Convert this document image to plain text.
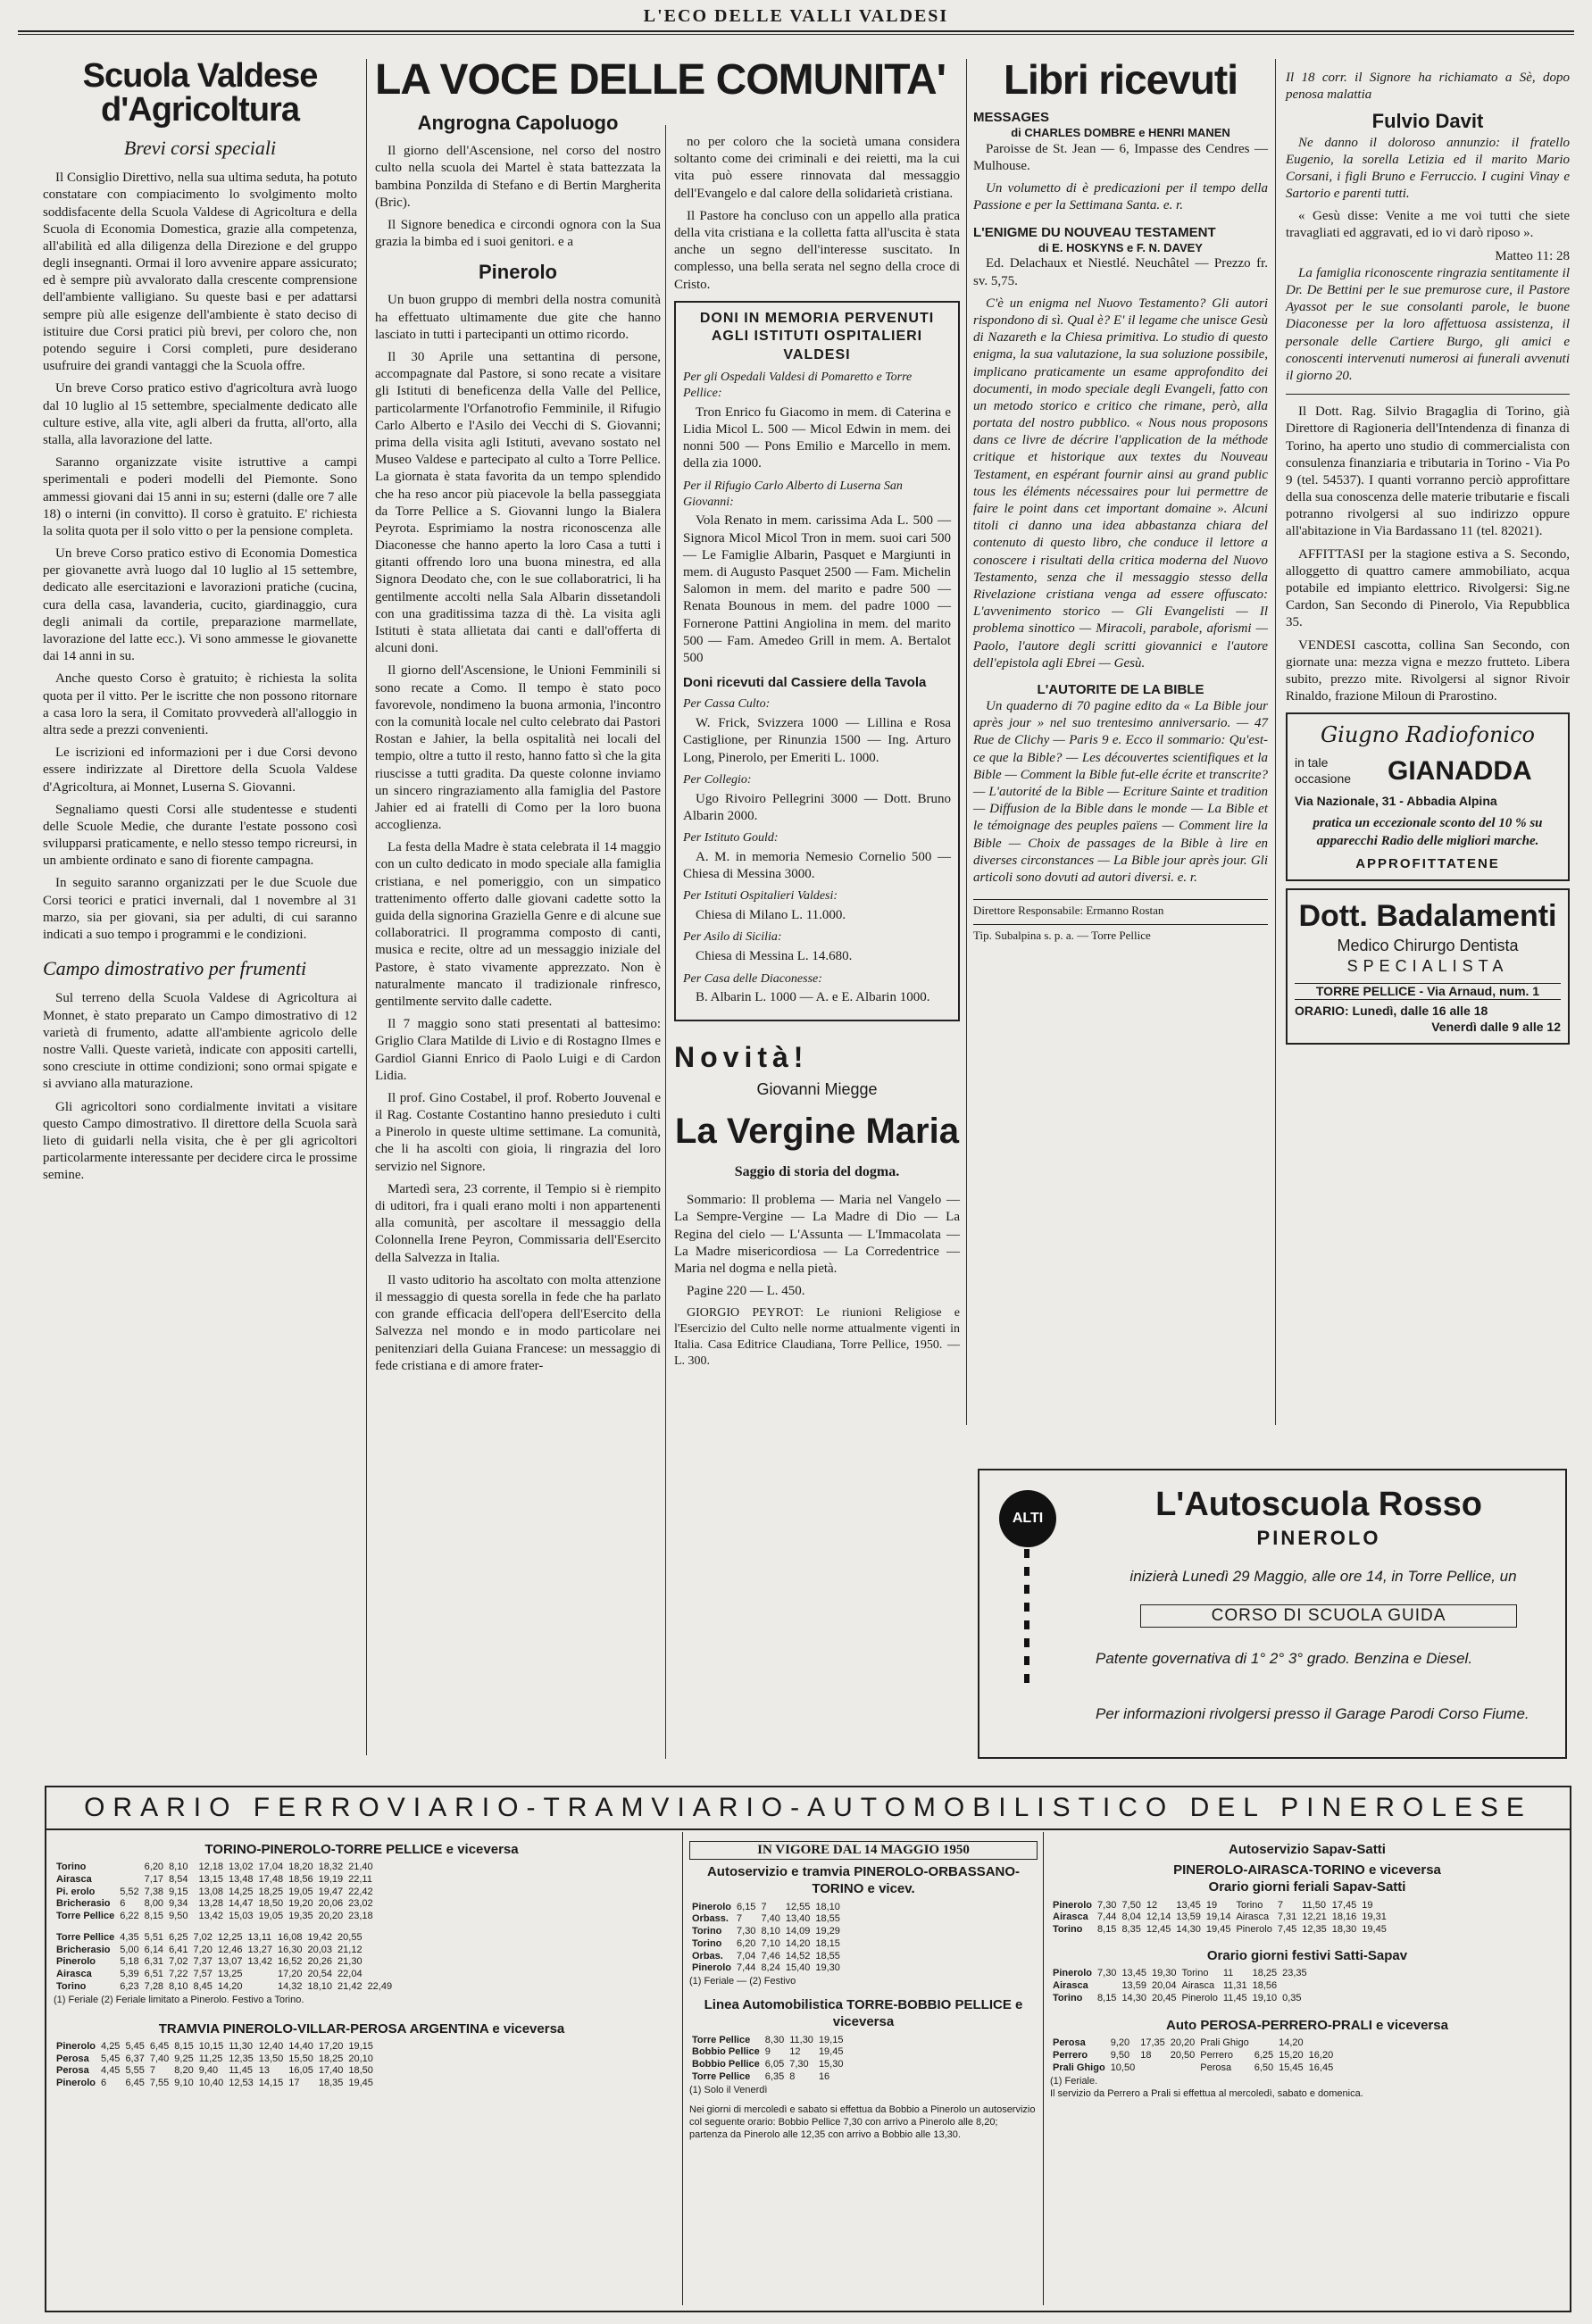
L'ECO DELLE VALLI VALDESI
Scuola Valdese d'Agricoltura
Brevi corsi speciali

Il Consiglio Direttivo, nella sua ultima seduta, ha potuto constatare con compiacimento lo svolgimento molto soddisfacente della Scuola Valdese di Agricoltura e della Scuola di Economia Domestica, grazie alla competenza, all'abilità ed alla diligenza della Direzione e del gruppo degli insegnanti. Ormai il loro avvenire appare assicurato; ed è sempre più avvalorato dalla crescente comprensione dell'ambiente valligiano. Su queste basi e per adattarsi sempre più alle esigenze dell'ambiente è stato deciso di istituire due Corsi pratici più brevi, per coloro che, non potendo seguire i Corsi completi, pure desiderano usufruire dei grandi vantaggi che la Scuola offre.

Un breve Corso pratico estivo d'agricoltura avrà luogo dal 10 luglio al 15 settembre, specialmente dedicato alle culture estive, alla vite, agli alberi da frutta, all'orto, alla stalla, alla lavorazione del latte.

Saranno organizzate visite istruttive a campi sperimentali e poderi modelli del Piemonte. Sono ammessi giovani dai 15 anni in su; esterni (dalle ore 7 alle 18) o interni (in convitto). Il corso è gratuito. E' richiesta la solita quota per il solo vitto o per la pensione completa.

Un breve Corso pratico estivo di Economia Domestica per giovanette avrà luogo dal 10 luglio al 15 settembre, dedicato alle esercitazioni e lavorazioni pratiche (cucina, cura della casa, lavanderia, cucito, giardinaggio, cura degli animali da cortile, preparazione marmellate, lavorazione del latte ecc.). Vi sono ammesse le giovanette dai 14 anni in su.

Anche questo Corso è gratuito; è richiesta la solita quota per il vitto. Per le iscritte che non possono ritornare a casa loro la sera, il Comitato provvederà all'alloggio in altra sede a prezzi convenienti.

Le iscrizioni ed informazioni per i due Corsi devono essere indirizzate al Direttore della Scuola Valdese d'Agricoltura, ai Monnet, Luserna S. Giovanni.

Segnaliamo questi Corsi alle studentesse e studenti delle Scuole Medie, che durante l'estate possono così svilupparsi praticamente, e nello stesso tempo ricreursi, in un ambiente ordinato e sano di fiorente campagna.

In seguito saranno organizzati per le due Scuole due Corsi teorici e pratici invernali, dal 1 novembre al 31 marzo, sia per giovani, sia per adulti, di cui saranno indicati a suo tempo i programmi e le condizioni.

Campo dimostrativo per frumenti

Sul terreno della Scuola Valdese di Agricoltura ai Monnet, è stato preparato un Campo dimostrativo di 12 varietà di frumento, adatte all'ambiente agricolo delle nostre Valli. Queste varietà, indicate con appositi cartelli, sono cresciute in ottime condizioni; sono ormai spigate e si avviano alla maturazione.

Gli agricoltori sono cordialmente invitati a visitare questo Campo dimostrativo. Il direttore della Scuola sarà lieto di guidarli nella visita, che è per gli agricoltori particolarmente interessante per decidere circa le prossime semine.

LA VOCE DELLE COMUNITA'
Angrogna Capoluogo

Il giorno dell'Ascensione, nel corso del nostro culto nella scuola dei Martel è stata battezzata la bambina Ponzilda di Stefano e di Bertin Margherita (Bric).

Il Signore benedica e circondi ognora con la Sua grazia la bimba ed i suoi genitori. e a

Pinerolo

Un buon gruppo di membri della nostra comunità ha effettuato ultimamente due gite che hanno lasciato in tutti i partecipanti un ottimo ricordo.

Il 30 Aprile una settantina di persone, accompagnate dal Pastore, si sono recate a visitare gli Istituti di beneficenza della Valle del Pellice, particolarmente l'Orfanotrofio Femminile, il Rifugio Carlo Alberto e l'Asilo dei Vecchi di S. Giovanni; prima della visita agli Istituti, avevano sostato nel Museo Valdese e partecipato al culto a Torre Pellice. La giornata è stata favorita da un tempo splendido che ha reso ancor più piacevole la bella passeggiata da Torre Pellice a S. Giovanni lungo la Bialera Peyrota. Esprimiamo la nostra riconoscenza alle Diaconesse che hanno aperto la loro Casa a tutti i gitanti offrendo loro una buona minestra, ed alla Signora Deodato che, con le sue collaboratrici, li ha gentilmente accolti nella Sala Albarin dissetandoli con una graditissima tazza di thè. La visita agli Istituti è stata allietata dai canti e dall'offerta di alcuni doni.

Il giorno dell'Ascensione, le Unioni Femminili si sono recate a Como. Il tempo è stato poco favorevole, nondimeno la buona armonia, l'incontro con la comunità locale nel culto celebrato dai Pastori Rostan e Jahier, la bella ospitalità nei locali del tempio, oltre a tutto il resto, hanno fatto sì che la gita riuscisse a tutti gradita. Da queste colonne inviamo un sincero ringraziamento alla famiglia del Pastore Jahier ed ai fratelli di Como per la loro buona accoglienza.

La festa della Madre è stata celebrata il 14 maggio con un culto dedicato in modo speciale alla famiglia cristiana, e nel pomeriggio, con un simpatico trattenimento offerto dalle giovani cadette sotto la guida della signorina Graziella Genre e di alcune sue collaboratrici. Il programma composto di canti, musica e recite, oltre ad un messaggio iniziale del Pastore, è stato vivamente apprezzato. Non è naturalmente mancato il tradizionale rinfresco, gentilmente servito dalle cadette.

Il 7 maggio sono stati presentati al battesimo: Griglio Clara Matilde di Livio e di Rostagno Ilmes e Gardiol Gianni Enrico di Paolo Luigi e di Cardon Lidia.

Il prof. Gino Costabel, il prof. Roberto Jouvenal e il Rag. Costante Costantino hanno presieduto i culti a Pinerolo in queste ultime settimane. La comunità, che li ha ascolti con gioia, li ringrazia del loro servizio nel Signore.

Martedì sera, 23 corrente, il Tempio si è riempito di uditori, fra i quali erano molti i non appartenenti alla comunità, per ascoltare il messaggio della Colonnella Irene Peyron, Commissaria dell'Esercito della Salvezza in Italia.

Il vasto uditorio ha ascoltato con molta attenzione il messaggio di questa sorella in fede che ha parlato con grande efficacia dell'opera dell'Esercito della Salvezza nel mondo e in modo particolare nei penitenziari della Guiana Francese: un messaggio di fede cristiana e di amore frater-

no per coloro che la società umana considera soltanto come dei criminali e dei reietti, ma la cui vita può essere rinnovata dal messaggio dell'Evangelo e dal calore della solidarietà cristiana.

Il Pastore ha concluso con un appello alla pratica della vita cristiana e la colletta fatta all'uscita è stata anche un segno dell'interesse suscitato. In complesso, una bella serata nel segno della croce di Cristo.

DONI IN MEMORIA PERVENUTI AGLI ISTITUTI OSPITALIERI VALDESI
Per gli Ospedali Valdesi di Pomaretto e Torre Pellice:

Tron Enrico fu Giacomo in mem. di Caterina e Lidia Micol L. 500 — Micol Edwin in mem. dei nonni 500 — Pons Emilio e Marcello in mem. della zia 1000.

Per il Rifugio Carlo Alberto di Luserna San Giovanni:

Vola Renato in mem. carissima Ada L. 500 — Signora Micol Micol Tron in mem. suoi cari 500 — Le Famiglie Albarin, Pasquet e Margiunti in mem. di Augusto Pasquet 2500 — Fam. Michelin Salomon in mem. del marito e padre 500 — Renata Bounous in mem. del padre 1000 — Fornerone Pattini Angiolina in mem. del marito 500 — Fam. Amedeo Grill in mem. A. Bertalot 500

Doni ricevuti dal Cassiere della Tavola
Per Cassa Culto:

W. Frick, Svizzera 1000 — Lillina e Rosa Castiglione, per Rinunzia 1500 — Ing. Arturo Long, Pinerolo, per Emeriti L. 1000.

Per Collegio:

Ugo Rivoiro Pellegrini 3000 — Dott. Bruno Albarin 2000.

Per Istituto Gould:

A. M. in memoria Nemesio Cornelio 500 — Chiesa di Messina 3000.

Per Istituti Ospitalieri Valdesi:

Chiesa di Milano L. 11.000.

Per Asilo di Sicilia:

Chiesa di Messina L. 14.680.

Per Casa delle Diaconesse:

B. Albarin L. 1000 — A. e E. Albarin 1000.

Novità!
Giovanni Miegge
La Vergine Maria
Saggio di storia del dogma.

Sommario: Il problema — Maria nel Vangelo — La Sempre-Vergine — La Madre di Dio — La Regina del cielo — L'Assunta — L'Immacolata — La Madre misericordiosa — La Corredentrice — Maria nel dogma e nella pietà.

Pagine 220 — L. 450.

GIORGIO PEYROT: Le riunioni Religiose e l'Esercizio del Culto nelle norme attualmente vigenti in Italia. Casa Editrice Claudiana, Torre Pellice, 1950. — L. 300.

Libri ricevuti
MESSAGES
di CHARLES DOMBRE e HENRI MANEN

Paroisse de St. Jean — 6, Impasse des Cendres — Mulhouse.

Un volumetto di è predicazioni per il tempo della Passione e per la Settimana Santa. e. r.

L'ENIGME DU NOUVEAU TESTAMENT
di E. HOSKYNS e F. N. DAVEY

Ed. Delachaux et Niestlé. Neuchâtel — Prezzo fr. sv. 5,75.

C'è un enigma nel Nuovo Testamento? Gli autori rispondono di sì. Qual è? E' il legame che unisce Gesù di Nazareth e la Chiesa primitiva. Lo studio di questo enigma, la sua valutazione, la sua soluzione possibile, implicano praticamente un esame approfondito dei documenti, in modo speciale degli Evangeli, fatto con un metodo storico e critico che rimane, però, alla portata del nostro pubblico. « Nous nous proposons dans ce livre de décrire l'application de la méthode critique et historique aux textes du Nouveau Testament, en espérant fournir ainsi au grand public tous les éléments nécessaires pour lui permettre de faire le point dans cet important domaine ». Alcuni titoli ci danno una idea abbastanza chiara del contenuto di questo libro, che conduce il lettore a conoscere i risultati della critica moderna del Nuovo Testamento, senza che il messaggio stesso della Rivelazione cristiana venga ad essere offuscato: L'avvenimento storico — Gli Evangelisti — Il problema sinottico — Miracoli, parabole, aforismi — Paolo, l'autore degli scritti giovannici e l'autore dell'epistola agli Ebrei — Gesù.

L'AUTORITE DE LA BIBLE

Un quaderno di 70 pagine edito da « La Bible jour après jour » nel suo trentesimo anniversario. — 47 Rue de Clichy — Paris 9 e. Ecco il sommario: Qu'est-ce que la Bible? — Les découvertes scientifiques et la Bible — Comment la Bible fut-elle écrite et transcrite? — L'autorité de la Bible — Ecriture Sainte et tradition — Diffusion de la Bible dans le monde — La Bible et le témoignage des peuples païens — Comment lire la Bible — Choix de passages de la Bible à lire en diverses circonstances — La Bible jour après jour. Gli articoli sono dovuti ad autori diversi. e. r.

Direttore Responsabile: Ermanno Rostan
Tip. Subalpina s. p. a. — Torre Pellice

Il 18 corr. il Signore ha richiamato a Sè, dopo penosa malattia

Fulvio Davit

Ne danno il doloroso annunzio: il fratello Eugenio, la sorella Letizia ed il marito Mario Corsani, i figli Bruno e Ferruccio. I cugini Vinay e Sartorio e parenti tutti.

« Gesù disse: Venite a me voi tutti che siete travagliati ed aggravati, ed io vi darò riposo ».

Matteo 11: 28

La famiglia riconoscente ringrazia sentitamente il Dr. De Bettini per le sue premurose cure, il Pastore Ayassot per le sue consolanti parole, le buone Diaconesse per la loro affettuosa assistenza, il personale delle Cartiere Burgo, gli amici e conoscenti intervenuti numerosi ai funerali avvenuti il giorno 20.

Il Dott. Rag. Silvio Bragaglia di Torino, già Direttore di Ragioneria dell'Intendenza di finanza di Torino, ha aperto uno studio di commercialista con consulenza finanziaria e tributaria in Torino - Via Po 9 (tel. 54537). I quanti vorranno perciò approfittare della sua conoscenza delle materie tributarie e fiscali potranno rivolgersi al suo indirizzo oppure all'abitazione in Via Bardassano 11 (tel. 82021).

AFFITTASI per la stagione estiva a S. Secondo, alloggetto di quattro camere ammobiliato, acqua potabile ed impianto elettrico. Rivolgersi: Sig.ne Cardon, San Secondo di Pinerolo, Via Repubblica 35.

VENDESI cascotta, collina San Secondo, con giornate una: mezza vigna e mezzo frutteto. Libera subito, prezzo mite. Rivolgersi al signor Rivoir Rinaldo, frazione Miloun di Prarostino.

Giugno Radiofonico
in tale occasione	GIANADDA
Via Nazionale, 31 - Abbadia Alpina
pratica un eccezionale sconto del 10 % su apparecchi Radio delle migliori marche.
APPROFITTATENE
Dott. Badalamenti
Medico Chirurgo Dentista
SPECIALISTA
TORRE PELLICE - Via Arnaud, num. 1
ORARIO: Lunedì, dalle 16 alle 18
Venerdì dalle 9 alle 12
ALTI	L'Autoscuola Rosso
PINEROLO
inizierà Lunedì 29 Maggio, alle ore 14, in Torre Pellice, un
CORSO DI SCUOLA GUIDA
Patente governativa di 1° 2° 3° grado. Benzina e Diesel.
Per informazioni rivolgersi presso il Garage Parodi Corso Fiume.
ORARIO FERROVIARIO-TRAMVIARIO-AUTOMOBILISTICO DEL PINEROLESE
TORINO-PINEROLO-TORRE PELLICE e viceversa
Torino		6,20	8,10		12,18	13,02	17,04	18,20	18,32	21,40
Airasca		7,17	8,54		13,15	13,48	17,48	18,56	19,19	22,11
Pi. erolo	5,52	7,38	9,15		13,08	14,25	18,25	19,05	19,47	22,42
Bricherasio	6	8,00	9,34		13,28	14,47	18,50	19,20	20,06	23,02
Torre Pellice	6,22	8,15	9,50		13,42	15,03	19,05	19,35	20,20	23,18
Torre Pellice	4,35	5,51	6,25	7,02	12,25	13,11	16,08	19,42	20,55	
Bricherasio	5,00	6,14	6,41	7,20	12,46	13,27	16,30	20,03	21,12	
Pinerolo	5,18	6,31	7,02	7,37	13,07	13,42	16,52	20,26	21,30	
Airasca	5,39	6,51	7,22	7,57	13,25		17,20	20,54	22,04	
Torino	6,23	7,28	8,10	8,45	14,20		14,32	18,10	21,42	22,49
(1) Feriale (2) Feriale limitato a Pinerolo. Festivo a Torino.
TRAMVIA PINEROLO-VILLAR-PEROSA ARGENTINA e viceversa
Pinerolo	4,25	5,45	6,45	8,15	10,15	11,30	12,40	14,40	17,20	19,15
Perosa	5,45	6,37	7,40	9,25	11,25	12,35	13,50	15,50	18,25	20,10
Perosa	4,45	5,55	7	8,20	9,40	11,45	13	16,05	17,40	18,50
Pinerolo	6	6,45	7,55	9,10	10,40	12,53	14,15	17	18,35	19,45
IN VIGORE DAL 14 MAGGIO 1950
Autoservizio e tramvia PINEROLO-ORBASSANO-TORINO e vicev.
Pinerolo	6,15	7	12,55	18,10
Orbass.	7	7,40	13,40	18,55
Torino	7,30	8,10	14,09	19,29
Torino	6,20	7,10	14,20	18,15
Orbas.	7,04	7,46	14,52	18,55
Pinerolo	7,44	8,24	15,40	19,30
(1) Feriale — (2) Festivo
Linea Automobilistica TORRE-BOBBIO PELLICE e viceversa
Torre Pellice	8,30	11,30	19,15
Bobbio Pellice	9	12	19,45
Bobbio Pellice	6,05	7,30	15,30
Torre Pellice	6,35	8	16
(1) Solo il Venerdì
Nei giorni di mercoledì e sabato si effettua da Bobbio a Pinerolo un autoservizio col seguente orario: Bobbio Pellice 7,30 con arrivo a Pinerolo alle 8,20; partenza da Pinerolo alle 12,35 con arrivo a Bobbio alle 13,30.
Autoservizio Sapav-Satti
PINEROLO-AIRASCA-TORINO e viceversa
Orario giorni feriali Sapav-Satti
Pinerolo	7,30	7,50	12	13,45	19	Torino	7	11,50	17,45	19
Airasca	7,44	8,04	12,14	13,59	19,14	Airasca	7,31	12,21	18,16	19,31
Torino	8,15	8,35	12,45	14,30	19,45	Pinerolo	7,45	12,35	18,30	19,45
Orario giorni festivi Satti-Sapav
Pinerolo	7,30	13,45	19,30	Torino	11	18,25	23,35
Airasca		13,59	20,04	Airasca	11,31	18,56	
Torino	8,15	14,30	20,45	Pinerolo	11,45	19,10	0,35
Auto PEROSA-PERRERO-PRALI e viceversa
Perosa	9,20	17,35	20,20	Prali Ghigo		14,20	
Perrero	9,50	18	20,50	Perrero	6,25	15,20	16,20
Prali Ghigo	10,50			Perosa	6,50	15,45	16,45
(1) Feriale.
Il servizio da Perrero a Prali si effettua al mercoledì, sabato e domenica.
